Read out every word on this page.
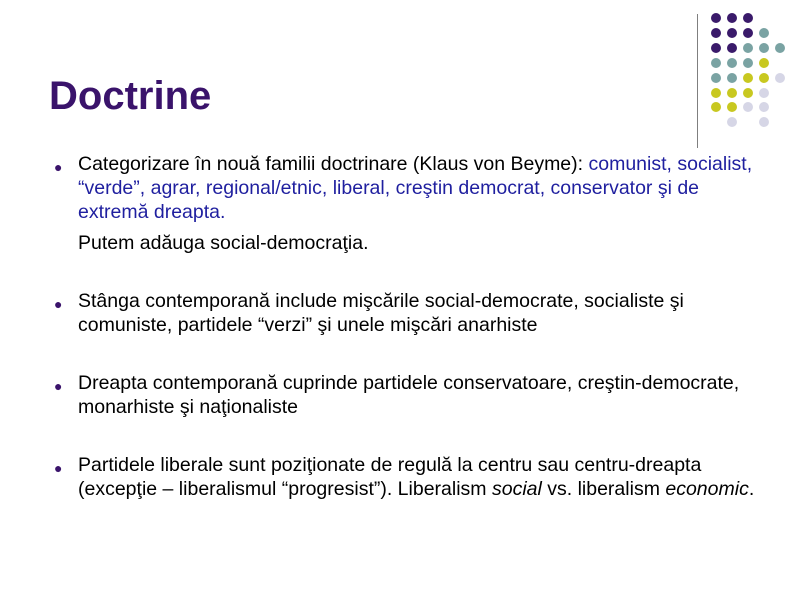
Doctrine
● Categorizare în nouă familii doctrinare (Klaus von Beyme): comunist, socialist, “verde”, agrar, regional/etnic, liberal, creştin democrat, conservator şi de extremă dreapta.
Putem adăuga social-democraţia.
● Stânga contemporană include mişcările social-democrate, socialiste şi comuniste, partidele “verzi” şi unele mişcări anarhiste
● Dreapta contemporană cuprinde partidele conservatoare, creştin-democrate, monarhiste şi naţionaliste
● Partidele liberale sunt poziţionate de regulă la centru sau centru-dreapta (excepţie – liberalismul “progresist”). Liberalism social vs. liberalism economic.
